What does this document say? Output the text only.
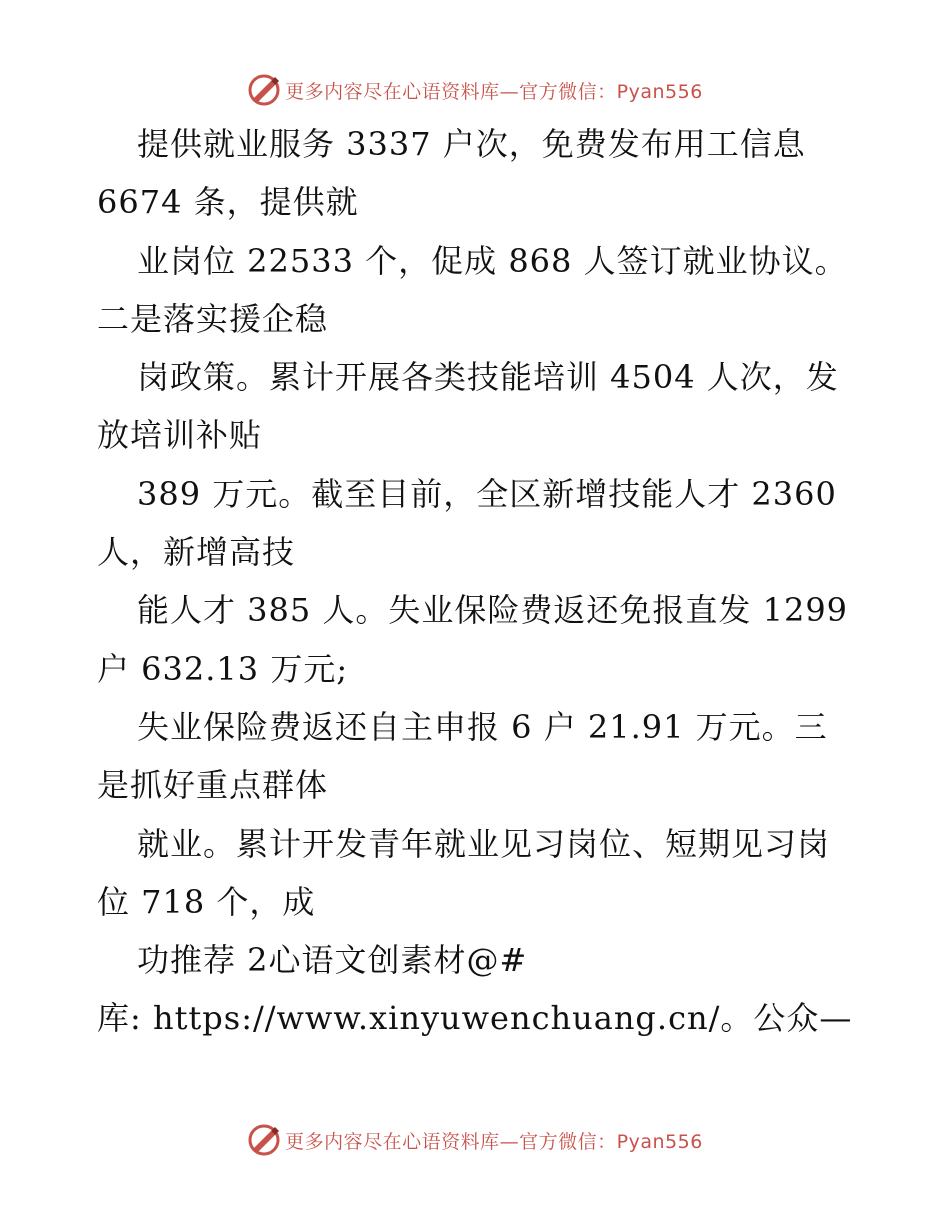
更多内容尽在心语资料库—官方微信：Pyan556
提供就业服务 3337 户次，免费发布用工信息
6674 条，提供就
业岗位 22533 个，促成 868 人签订就业协议。
二是落实援企稳
岗政策。累计开展各类技能培训 4504 人次，发
放培训补贴
389 万元。截至目前，全区新增技能人才 2360
人，新增高技
能人才 385 人。失业保险费返还免报直发 1299
户 632.13 万元;
失业保险费返还自主申报 6 户 21.91 万元。三
是抓好重点群体
就业。累计开发青年就业见习岗位、短期见习岗
位 718 个，成
功推荐 2心语文创素材@#
库: https://www.xinyuwenchuang.cn/。公众—
更多内容尽在心语资料库—官方微信：Pyan556
